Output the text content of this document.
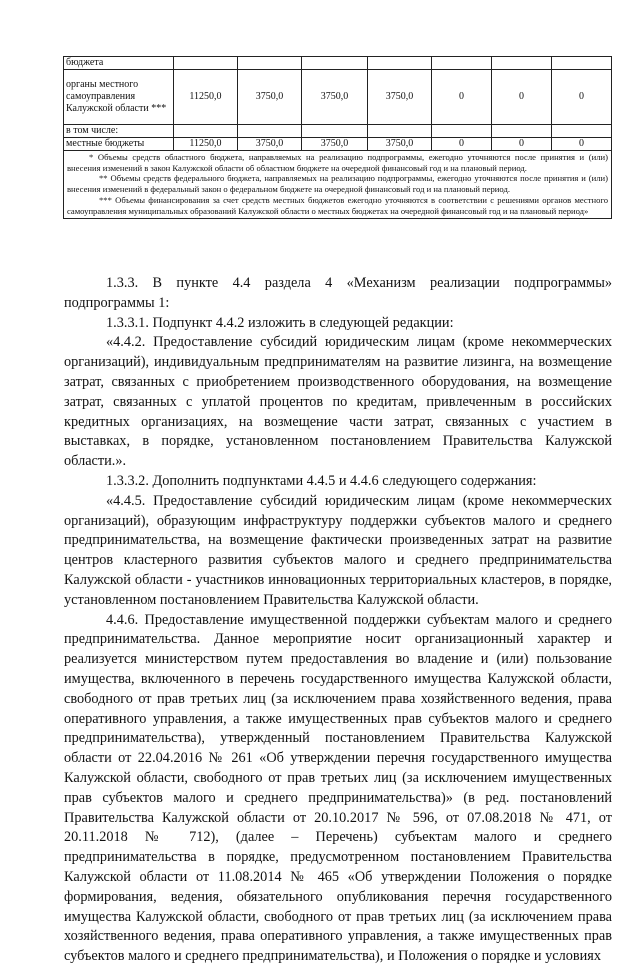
бюджета							
органы местного самоуправления Калужской области ***	11250,0	3750,0	3750,0	3750,0	0	0	0
в том числе:							
местные бюджеты	11250,0	3750,0	3750,0	3750,0	0	0	0

* Объемы средств областного бюджета, направляемых на реализацию подпрограммы, ежегодно уточняются после принятия и (или) внесения изменений в закон Калужской области об областном бюджете на очередной финансовый год и на плановый период.

** Объемы средств федерального бюджета, направляемых на реализацию подпрограммы, ежегодно уточняются после принятия и (или) внесения изменений в федеральный закон о федеральном бюджете на очередной финансовый год и на плановый период.

*** Объемы финансирования за счет средств местных бюджетов ежегодно уточняются в соответствии с решениями органов местного самоуправления муниципальных образований Калужской области о местных бюджетах на очередной финансовый год и на плановый период»							

1.3.3. В пункте 4.4 раздела 4 «Механизм реализации подпрограммы» подпрограммы 1:

1.3.3.1. Подпункт 4.4.2 изложить в следующей редакции:

«4.4.2. Предоставление субсидий юридическим лицам (кроме некоммерческих организаций), индивидуальным предпринимателям на развитие лизинга, на возмещение затрат, связанных с приобретением производственного оборудования, на возмещение затрат, связанных с уплатой процентов по кредитам, привлеченным в российских кредитных организациях, на возмещение части затрат, связанных с участием в выставках, в порядке, установленном постановлением Правительства Калужской области.».

1.3.3.2. Дополнить подпунктами 4.4.5 и 4.4.6 следующего содержания:

«4.4.5. Предоставление субсидий юридическим лицам (кроме некоммерческих организаций), образующим инфраструктуру поддержки субъектов малого и среднего предпринимательства, на возмещение фактически произведенных затрат на развитие центров кластерного развития субъектов малого и среднего предпринимательства Калужской области - участников инновационных территориальных кластеров, в порядке, установленном постановлением Правительства Калужской области.

4.4.6. Предоставление имущественной поддержки субъектам малого и среднего предпринимательства. Данное мероприятие носит организационный характер и реализуется министерством путем предоставления во владение и (или) пользование имущества, включенного в перечень государственного имущества Калужской области, свободного от прав третьих лиц (за исключением права хозяйственного ведения, права оперативного управления, а также имущественных прав субъектов малого и среднего предпринимательства), утвержденный постановлением Правительства Калужской области от 22.04.2016 № 261 «Об утверждении перечня государственного имущества Калужской области, свободного от прав третьих лиц (за исключением имущественных прав субъектов малого и среднего предпринимательства)» (в ред. постановлений Правительства Калужской области от 20.10.2017 № 596, от 07.08.2018 № 471, от 20.11.2018 № 712), (далее – Перечень) субъектам малого и среднего предпринимательства в порядке, предусмотренном постановлением Правительства Калужской области от 11.08.2014 № 465 «Об утверждении Положения о порядке формирования, ведения, обязательного опубликования перечня государственного имущества Калужской области, свободного от прав третьих лиц (за исключением права хозяйственного ведения, права оперативного управления, а также имущественных прав субъектов малого и среднего предпринимательства), и Положения о порядке и условиях
